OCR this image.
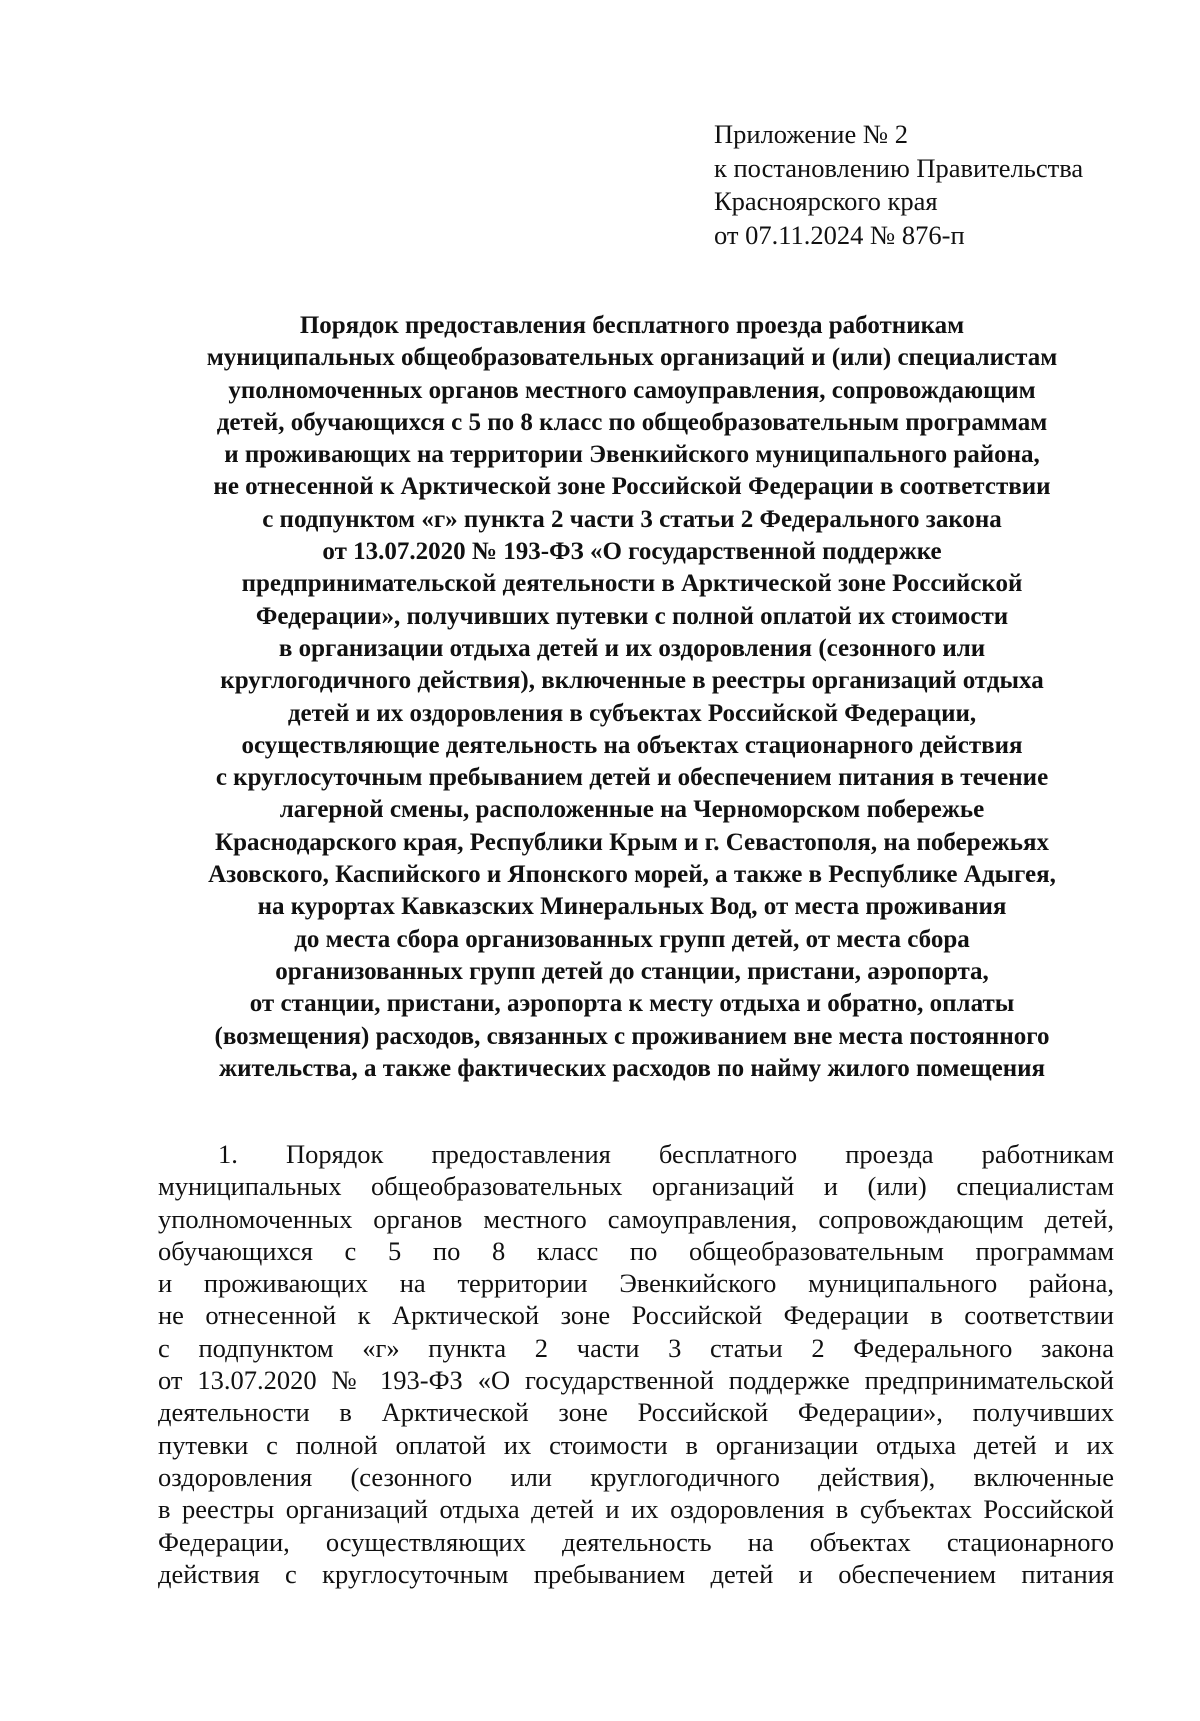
Приложение № 2
к постановлению Правительства
Красноярского края
от 07.11.2024 № 876-п
Порядок предоставления бесплатного проезда работникам
муниципальных общеобразовательных организаций и (или) специалистам
уполномоченных органов местного самоуправления, сопровождающим
детей, обучающихся с 5 по 8 класс по общеобразовательным программам
и проживающих на территории Эвенкийского муниципального района,
не отнесенной к Арктической зоне Российской Федерации в соответствии
с подпунктом «г» пункта 2 части 3 статьи 2 Федерального закона
от 13.07.2020 № 193-ФЗ «О государственной поддержке
предпринимательской деятельности в Арктической зоне Российской
Федерации», получивших путевки с полной оплатой их стоимости
в организации отдыха детей и их оздоровления (сезонного или
круглогодичного действия), включенные в реестры организаций отдыха
детей и их оздоровления в субъектах Российской Федерации,
осуществляющие деятельность на объектах стационарного действия
с круглосуточным пребыванием детей и обеспечением питания в течение
лагерной смены, расположенные на Черноморском побережье
Краснодарского края, Республики Крым и г. Севастополя, на побережьях
Азовского, Каспийского и Японского морей, а также в Республике Адыгея,
на курортах Кавказских Минеральных Вод, от места проживания
до места сбора организованных групп детей, от места сбора
организованных групп детей до станции, пристани, аэропорта,
от станции, пристани, аэропорта к месту отдыха и обратно, оплаты
(возмещения) расходов, связанных с проживанием вне места постоянного
жительства, а также фактических расходов по найму жилого помещения
1. Порядок предоставления бесплатного проезда работникам
муниципальных общеобразовательных организаций и (или) специалистам
уполномоченных органов местного самоуправления, сопровождающим детей,
обучающихся с 5 по 8 класс по общеобразовательным программам
и проживающих на территории Эвенкийского муниципального района,
не отнесенной к Арктической зоне Российской Федерации в соответствии
с подпунктом «г» пункта 2 части 3 статьи 2 Федерального закона
от 13.07.2020 № 193-ФЗ «О государственной поддержке предпринимательской
деятельности в Арктической зоне Российской Федерации», получивших
путевки с полной оплатой их стоимости в организации отдыха детей и их
оздоровления (сезонного или круглогодичного действия), включенные
в реестры организаций отдыха детей и их оздоровления в субъектах Российской
Федерации, осуществляющих деятельность на объектах стационарного
действия с круглосуточным пребыванием детей и обеспечением питания
